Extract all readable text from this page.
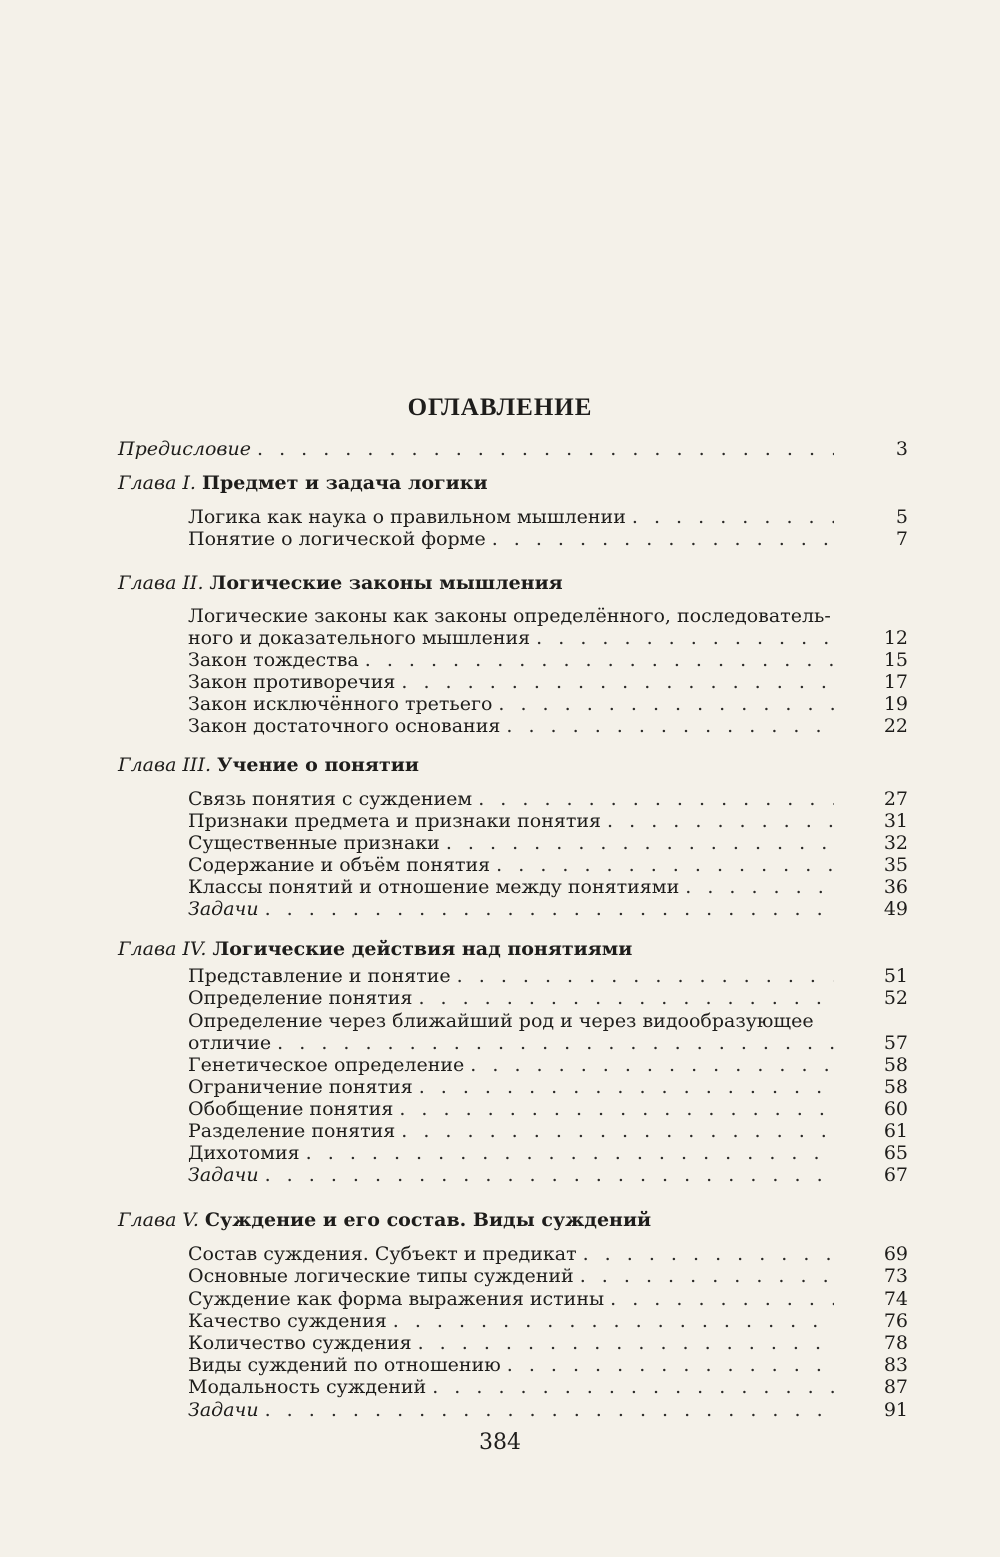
ОГЛАВЛЕНИЕ
Предисловие . . .	3
Глава I. Предмет и задача логики
Логика как наука о правильном мышлении . . .	5
Понятие о логической форме . . .	7
Глава II. Логические законы мышления
Логические законы как законы определённого, последователь-
ного и доказательного мышления . . .	12
Закон тождества . . .	15
Закон противоречия . . .	17
Закон исключённого третьего . . .	19
Закон достаточного основания . . .	22
Глава III. Учение о понятии
Связь понятия с суждением . . .	27
Признаки предмета и признаки понятия . . .	31
Существенные признаки . . .	32
Содержание и объём понятия . . .	35
Классы понятий и отношение между понятиями . . .	36
Задачи . . .	49
Глава IV. Логические действия над понятиями
Представление и понятие . . .	51
Определение понятия . . .	52
Определение через ближайший род и через видообразующее
отличие . . .	57
Генетическое определение . . .	58
Ограничение понятия . . .	58
Обобщение понятия . . .	60
Разделение понятия . . .	61
Дихотомия . . .	65
Задачи . . .	67
Глава V. Суждение и его состав. Виды суждений
Состав суждения. Субъект и предикат . . .	69
Основные логические типы суждений . . .	73
Суждение как форма выражения истины . . .	74
Качество суждения . . .	76
Количество суждения . . .	78
Виды суждений по отношению . . .	83
Модальность суждений . . .	87
Задачи . . .	91
384
